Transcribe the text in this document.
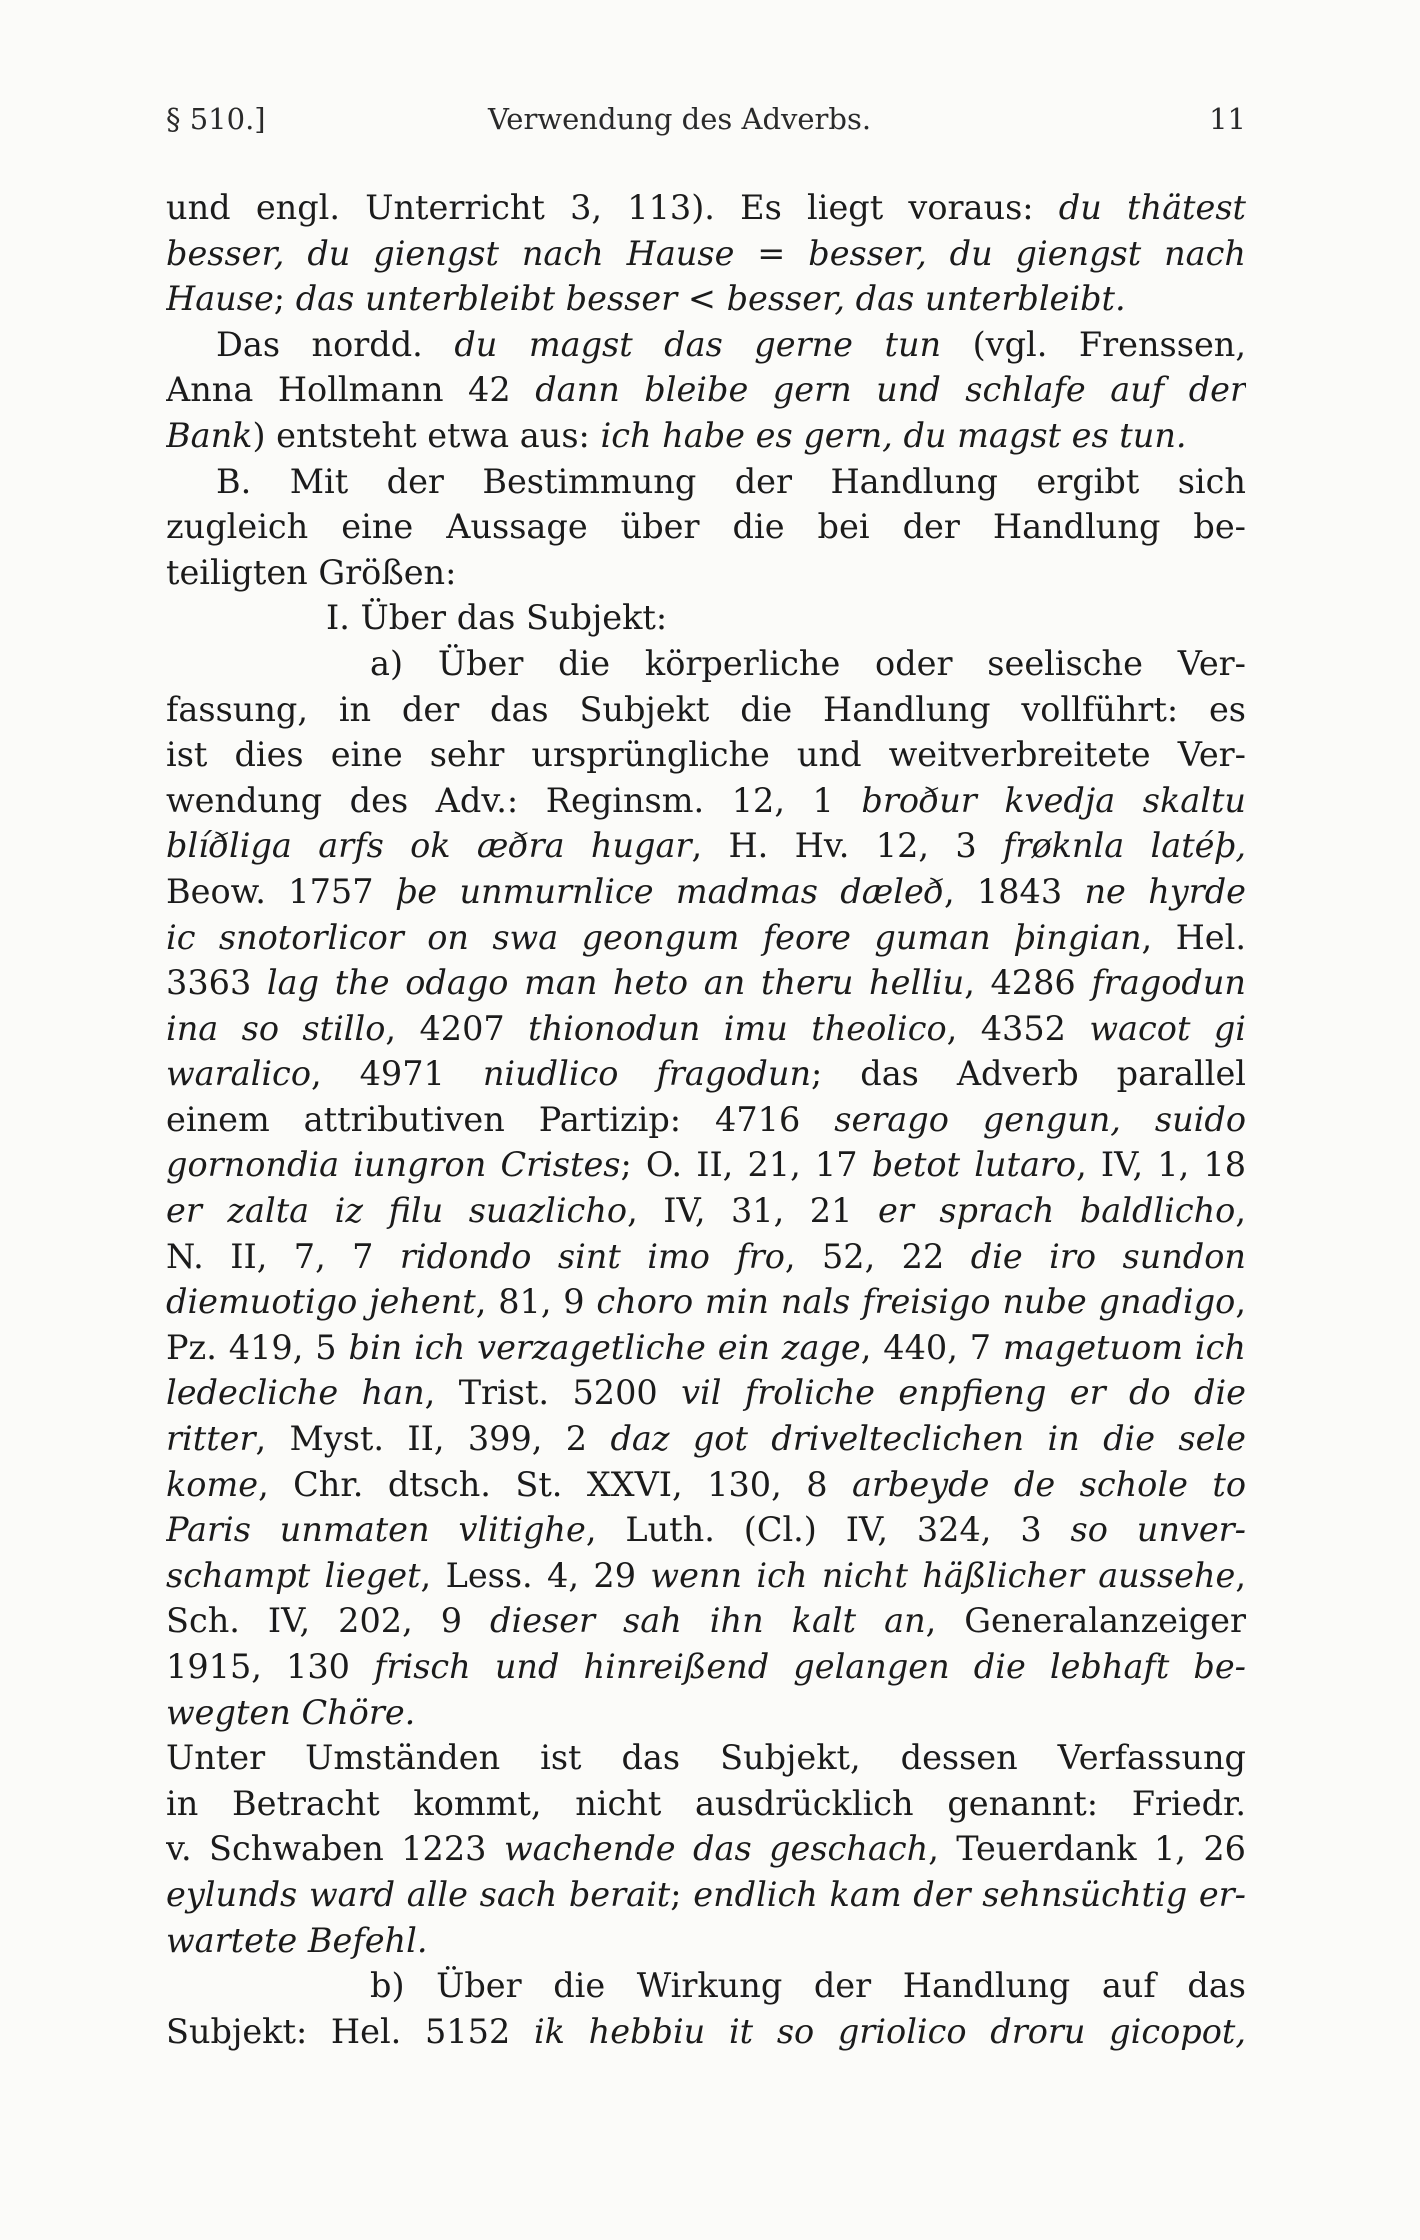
§ 510.]	Verwendung des Adverbs.	11
und engl. Unterricht 3, 113). Es liegt voraus: du thätest
besser, du giengst nach Hause = besser, du giengst nach
Hause; das unterbleibt besser < besser, das unterbleibt.
Das nordd. du magst das gerne tun (vgl. Frenssen,
Anna Hollmann 42 dann bleibe gern und schlafe auf der
Bank) entsteht etwa aus: ich habe es gern, du magst es tun.
B. Mit der Bestimmung der Handlung ergibt sich
zugleich eine Aussage über die bei der Handlung be-
teiligten Größen:
I. Über das Subjekt:
a) Über die körperliche oder seelische Ver-
fassung, in der das Subjekt die Handlung vollführt: es
ist dies eine sehr ursprüngliche und weitverbreitete Ver-
wendung des Adv.: Reginsm. 12, 1 broður kvedja skaltu
blíðliga arfs ok æðra hugar, H. Hv. 12, 3 frøknla latéþ,
Beow. 1757 þe unmurnlice madmas dæleð, 1843 ne hyrde
ic snotorlicor on swa geongum feore guman þingian, Hel.
3363 lag the odago man heto an theru helliu, 4286 fragodun
ina so stillo, 4207 thionodun imu theolico, 4352 wacot gi
waralico, 4971 niudlico fragodun; das Adverb parallel
einem attributiven Partizip: 4716 serago gengun, suido
gornondia iungron Cristes; O. II, 21, 17 betot lutaro, IV, 1, 18
er zalta iz filu suazlicho, IV, 31, 21 er sprach baldlicho,
N. II, 7, 7 ridondo sint imo fro, 52, 22 die iro sundon
diemuotigo jehent, 81, 9 choro min nals freisigo nube gnadigo,
Pz. 419, 5 bin ich verzagetliche ein zage, 440, 7 magetuom ich
ledecliche han, Trist. 5200 vil froliche enpfieng er do die
ritter, Myst. II, 399, 2 daz got drivelteclichen in die sele
kome, Chr. dtsch. St. XXVI, 130, 8 arbeyde de schole to
Paris unmaten vlitighe, Luth. (Cl.) IV, 324, 3 so unver-
schampt lieget, Less. 4, 29 wenn ich nicht häßlicher aussehe,
Sch. IV, 202, 9 dieser sah ihn kalt an, Generalanzeiger
1915, 130 frisch und hinreißend gelangen die lebhaft be-
wegten Chöre.
Unter Umständen ist das Subjekt, dessen Verfassung
in Betracht kommt, nicht ausdrücklich genannt: Friedr.
v. Schwaben 1223 wachende das geschach, Teuerdank 1, 26
eylunds ward alle sach berait; endlich kam der sehnsüchtig er-
wartete Befehl.
b) Über die Wirkung der Handlung auf das
Subjekt: Hel. 5152 ik hebbiu it so griolico droru gicopot,
